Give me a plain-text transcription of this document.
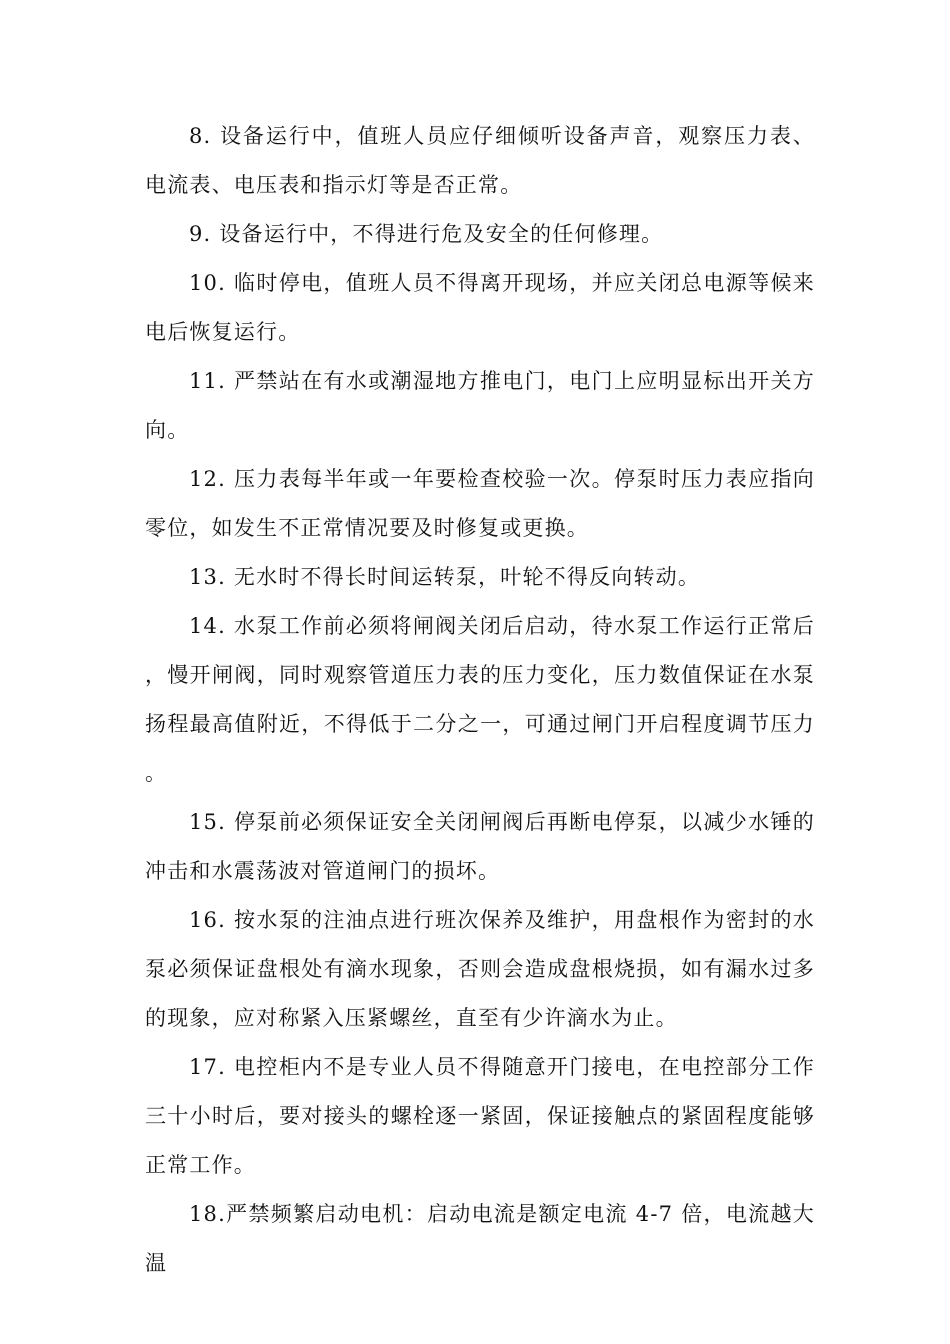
8. 设备运行中，值班人员应仔细倾听设备声音，观察压力表、电流表、电压表和指示灯等是否正常。

9. 设备运行中，不得进行危及安全的任何修理。

10. 临时停电，值班人员不得离开现场，并应关闭总电源等候来电后恢复运行。

11. 严禁站在有水或潮湿地方推电门，电门上应明显标出开关方向。

12. 压力表每半年或一年要检查校验一次。停泵时压力表应指向零位，如发生不正常情况要及时修复或更换。

13. 无水时不得长时间运转泵，叶轮不得反向转动。

14. 水泵工作前必须将闸阀关闭后启动，待水泵工作运行正常后，慢开闸阀，同时观察管道压力表的压力变化，压力数值保证在水泵扬程最高值附近，不得低于二分之一，可通过闸门开启程度调节压力。

15. 停泵前必须保证安全关闭闸阀后再断电停泵，以减少水锤的冲击和水震荡波对管道闸门的损坏。

16. 按水泵的注油点进行班次保养及维护，用盘根作为密封的水泵必须保证盘根处有滴水现象，否则会造成盘根烧损，如有漏水过多的现象，应对称紧入压紧螺丝，直至有少许滴水为止。

17. 电控柜内不是专业人员不得随意开门接电，在电控部分工作三十小时后，要对接头的螺栓逐一紧固，保证接触点的紧固程度能够正常工作。

18.严禁频繁启动电机：启动电流是额定电流 4-7 倍，电流越大温
